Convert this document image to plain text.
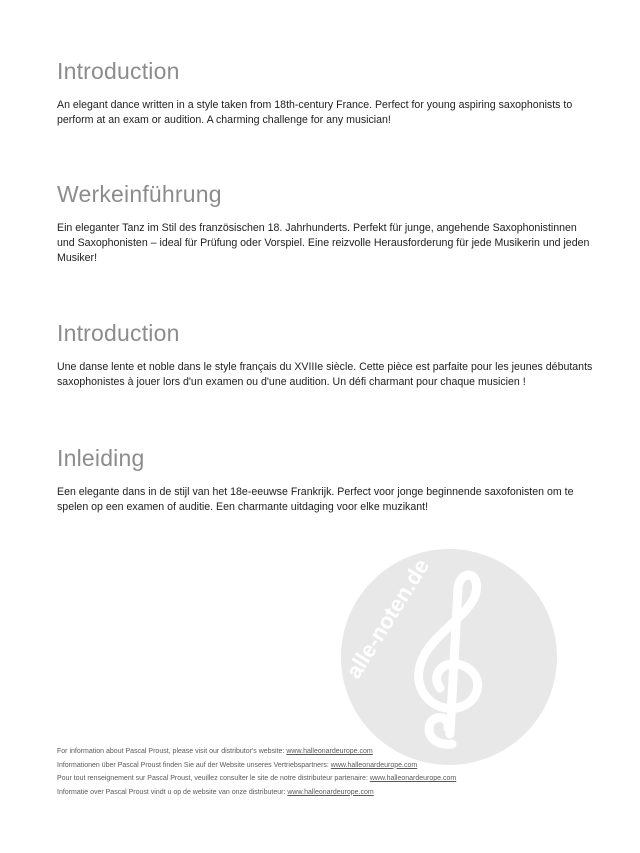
Introduction

An elegant dance written in a style taken from 18th-century France. Perfect for young aspiring saxophonists to perform at an exam or audition. A charming challenge for any musician!

Werkeinführung

Ein eleganter Tanz im Stil des französischen 18. Jahrhunderts. Perfekt für junge, angehende Saxophonistinnen und Saxophonisten – ideal für Prüfung oder Vorspiel. Eine reizvolle Herausforderung für jede Musikerin und jeden Musiker!

Introduction

Une danse lente et noble dans le style français du XVIIIe siècle. Cette pièce est parfaite pour les jeunes débutants saxophonistes à jouer lors d'un examen ou d'une audition. Un défi charmant pour chaque musicien !

Inleiding

Een elegante dans in de stijl van het 18e-eeuwse Frankrijk. Perfect voor jonge beginnende saxofonisten om te spelen op een examen of auditie. Een charmante uitdaging voor elke muzikant!

alle-noten.de
For information about Pascal Proust, please visit our distributor's website: www.halleonardeurope.com
Informationen über Pascal Proust finden Sie auf der Website unseres Vertriebspartners: www.halleonardeurope.com
Pour tout renseignement sur Pascal Proust, veuillez consulter le site de notre distributeur partenaire: www.halleonardeurope.com
Informatie over Pascal Proust vindt u op de website van onze distributeur: www.halleonardeurope.com
